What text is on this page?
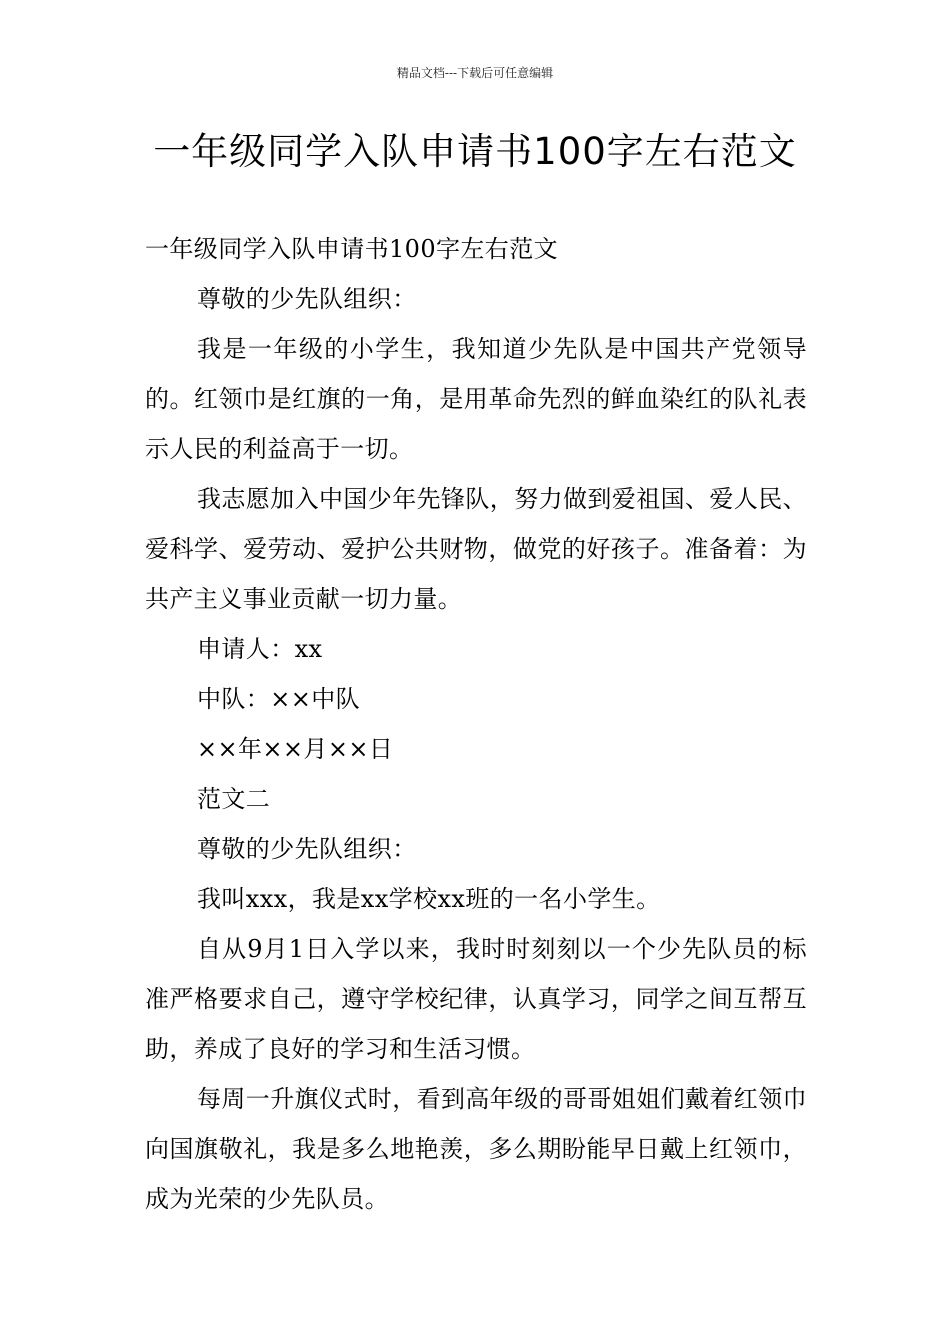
精品文档---下载后可任意编辑
一年级同学入队申请书100字左右范文

一年级同学入队申请书100字左右范文

尊敬的少先队组织：

我是一年级的小学生，我知道少先队是中国共产党领导的。红领巾是红旗的一角，是用革命先烈的鲜血染红的队礼表示人民的利益高于一切。

我志愿加入中国少年先锋队，努力做到爱祖国、爱人民、爱科学、爱劳动、爱护公共财物，做党的好孩子。准备着：为共产主义事业贡献一切力量。

申请人：xx

中队：××中队

××年××月××日

范文二

尊敬的少先队组织：

我叫xxx，我是xx学校xx班的一名小学生。

自从9月1日入学以来，我时时刻刻以一个少先队员的标准严格要求自己，遵守学校纪律，认真学习，同学之间互帮互助，养成了良好的学习和生活习惯。

每周一升旗仪式时，看到高年级的哥哥姐姐们戴着红领巾向国旗敬礼，我是多么地艳羡，多么期盼能早日戴上红领巾，成为光荣的少先队员。
